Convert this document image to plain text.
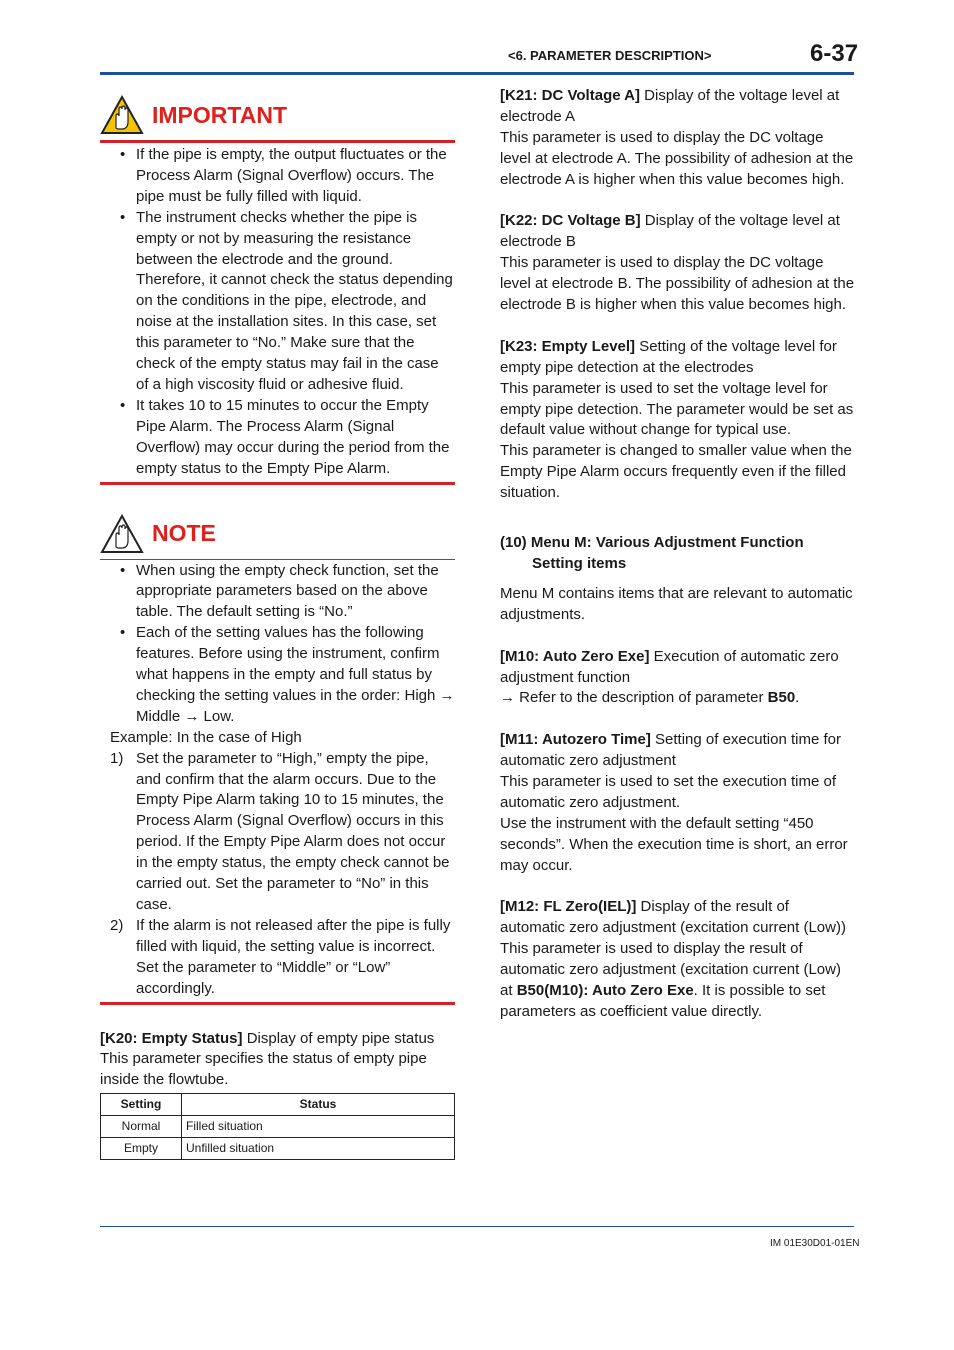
<6. PARAMETER DESCRIPTION>	6-37
IMPORTANT
• If the pipe is empty, the output fluctuates or the Process Alarm (Signal Overflow) occurs. The pipe must be fully filled with liquid.
• The instrument checks whether the pipe is empty or not by measuring the resistance between the electrode and the ground. Therefore, it cannot check the status depending on the conditions in the pipe, electrode, and noise at the installation sites. In this case, set this parameter to “No.” Make sure that the check of the empty status may fail in the case of a high viscosity fluid or adhesive fluid.
• It takes 10 to 15 minutes to occur the Empty Pipe Alarm. The Process Alarm (Signal Overflow) may occur during the period from the empty status to the Empty Pipe Alarm.
NOTE
• When using the empty check function, set the appropriate parameters based on the above table. The default setting is “No.”
• Each of the setting values has the following features. Before using the instrument, confirm what happens in the empty and full status by checking the setting values in the order: High → Middle → Low.
Example: In the case of High
1) Set the parameter to “High,” empty the pipe, and confirm that the alarm occurs. Due to the Empty Pipe Alarm taking 10 to 15 minutes, the Process Alarm (Signal Overflow) occurs in this period. If the Empty Pipe Alarm does not occur in the empty status, the empty check cannot be carried out. Set the parameter to “No” in this case.
2) If the alarm is not released after the pipe is fully filled with liquid, the setting value is incorrect. Set the parameter to “Middle” or “Low” accordingly.

[K20: Empty Status] Display of empty pipe status

This parameter specifies the status of empty pipe inside the flowtube.

Setting	Status
Normal	Filled situation
Empty	Unfilled situation

[K21: DC Voltage A] Display of the voltage level at electrode A

This parameter is used to display the DC voltage level at electrode A. The possibility of adhesion at the electrode A is higher when this value becomes high.

[K22: DC Voltage B] Display of the voltage level at electrode B

This parameter is used to display the DC voltage level at electrode B. The possibility of adhesion at the electrode B is higher when this value becomes high.

[K23: Empty Level] Setting of the voltage level for empty pipe detection at the electrodes

This parameter is used to set the voltage level for empty pipe detection. The parameter would be set as default value without change for typical use.

This parameter is changed to smaller value when the Empty Pipe Alarm occurs frequently even if the filled situation.

(10) Menu M: Various Adjustment Function

Setting items

Menu M contains items that are relevant to automatic adjustments.

[M10: Auto Zero Exe] Execution of automatic zero adjustment function

→ Refer to the description of parameter B50.

[M11: Autozero Time] Setting of execution time for automatic zero adjustment

This parameter is used to set the execution time of automatic zero adjustment.

Use the instrument with the default setting “450 seconds”. When the execution time is short, an error may occur.

[M12: FL Zero(IEL)] Display of the result of automatic zero adjustment (excitation current (Low))

This parameter is used to display the result of automatic zero adjustment (excitation current (Low) at B50(M10): Auto Zero Exe. It is possible to set parameters as coefficient value directly.

IM 01E30D01-01EN
